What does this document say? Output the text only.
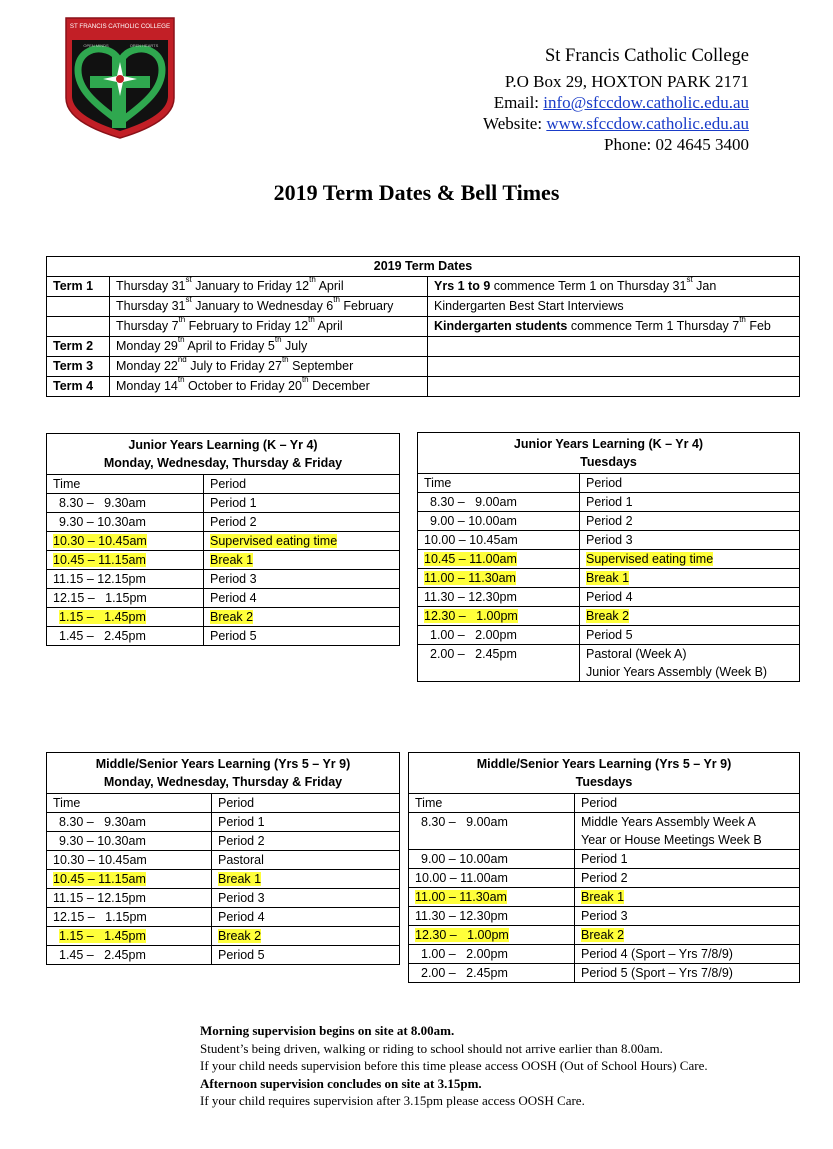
ST FRANCIS CATHOLIC COLLEGE
OPEN MINDS	OPEN HEARTS
St Francis Catholic College
P.O Box 29, HOXTON PARK 2171
Email: info@sfccdow.catholic.edu.au
Website: www.sfccdow.catholic.edu.au
Phone: 02 4645 3400
2019 Term Dates & Bell Times
2019 Term Dates		
Term 1	Thursday 31st January to Friday 12th April	Yrs 1 to 9 commence Term 1 on Thursday 31st Jan
	Thursday 31st January to Wednesday 6th February	Kindergarten Best Start Interviews
	Thursday 7th February to Friday 12th April	Kindergarten students commence Term 1 Thursday 7th Feb
Term 2	Monday 29th April to Friday 5th July	
Term 3	Monday 22nd July to Friday 27th September	
Term 4	Monday 14th October to Friday 20th December	
Junior Years Learning (K – Yr 4)
Monday, Wednesday, Thursday & Friday	

Time	Period
8.30 –   9.30am	Period 1
9.30 – 10.30am	Period 2
10.30 – 10.45am	Supervised eating time
10.45 – 11.15am	Break 1
11.15 – 12.15pm	Period 3
12.15 –   1.15pm	Period 4
1.15 –   1.45pm	Break 2
1.45 –   2.45pm	Period 5
Junior Years Learning (K – Yr 4)
Tuesdays	

Time	Period
8.30 –   9.00am	Period 1
9.00 – 10.00am	Period 2
10.00 – 10.45am	Period 3
10.45 – 11.00am	Supervised eating time
11.00 – 11.30am	Break 1
11.30 – 12.30pm	Period 4
12.30 –   1.00pm	Break 2
1.00 –   2.00pm	Period 5
2.00 –   2.45pm	Pastoral (Week A)
Junior Years Assembly (Week B)
Middle/Senior Years Learning (Yrs 5 – Yr 9)
Monday, Wednesday, Thursday & Friday	

Time	Period
8.30 –   9.30am	Period 1
9.30 – 10.30am	Period 2
10.30 – 10.45am	Pastoral
10.45 – 11.15am	Break 1
11.15 – 12.15pm	Period 3
12.15 –   1.15pm	Period 4
1.15 –   1.45pm	Break 2
1.45 –   2.45pm	Period 5
Middle/Senior Years Learning (Yrs 5 – Yr 9)
Tuesdays	

Time	Period
8.30 –   9.00am	Middle Years Assembly Week A
Year or House Meetings Week B

9.00 – 10.00am	Period 1
10.00 – 11.00am	Period 2
11.00 – 11.30am	Break 1
11.30 – 12.30pm	Period 3
12.30 –   1.00pm	Break 2
1.00 –   2.00pm	Period 4 (Sport – Yrs 7/8/9)
2.00 –   2.45pm	Period 5 (Sport – Yrs 7/8/9)
Morning supervision begins on site at 8.00am.
Student’s being driven, walking or riding to school should not arrive earlier than 8.00am.
If your child needs supervision before this time please access OOSH (Out of School Hours) Care.
Afternoon supervision concludes on site at 3.15pm.
If your child requires supervision after 3.15pm please access OOSH Care.
